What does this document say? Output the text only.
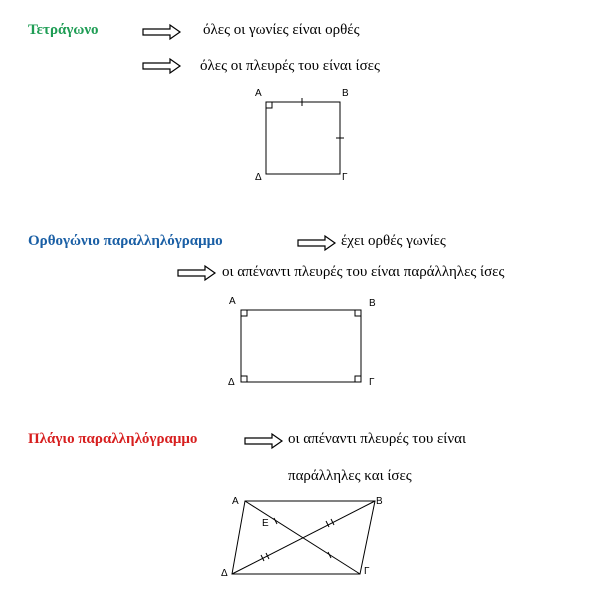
Τετράγωνο	όλες οι γωνίες είναι ορθές
όλες οι πλευρές του είναι ίσες
Α	Β
Δ	Γ
Ορθογώνιο παραλληλόγραμμο	έχει ορθές γωνίες
οι απέναντι πλευρές του είναι παράλληλες ίσες
Α	Β
Δ	Γ
Πλάγιο παραλληλόγραμμο	οι απέναντι πλευρές του είναι
παράλληλες και ίσες
Α	Β
Ε
Δ	Γ
